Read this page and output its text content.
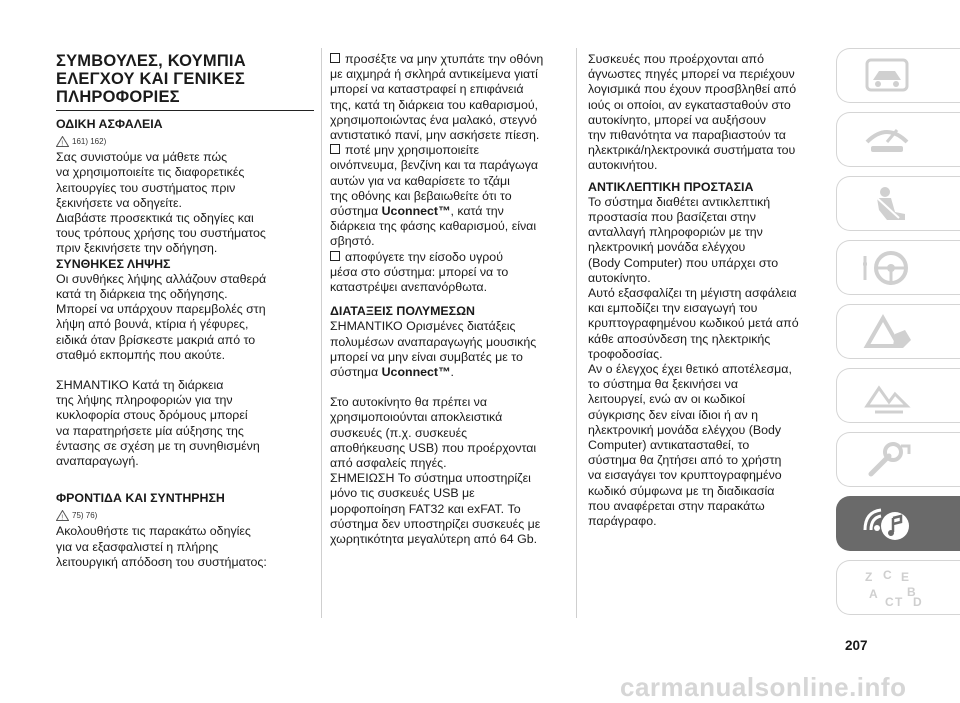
ΣΥΜΒΟΥΛΕΣ, ΚΟΥΜΠΙΑ
ΕΛΕΓΧΟΥ ΚΑΙ ΓΕΝΙΚΕΣ
ΠΛΗΡΟΦΟΡΙΕΣ
ΟΔΙΚΗ ΑΣΦΑΛΕΙΑ
! 161) 162)

Σας συνιστούμε να μάθετε πώς

να χρησιμοποιείτε τις διαφορετικές

λειτουργίες του συστήματος πριν

ξεκινήσετε να οδηγείτε.

Διαβάστε προσεκτικά τις οδηγίες και

τους τρόπους χρήσης του συστήματος

πριν ξεκινήσετε την οδήγηση.

ΣΥΝΘΗΚΕΣ ΛΗΨΗΣ

Οι συνθήκες λήψης αλλάζουν σταθερά

κατά τη διάρκεια της οδήγησης.

Μπορεί να υπάρχουν παρεμβολές στη

λήψη από βουνά, κτίρια ή γέφυρες,

ειδικά όταν βρίσκεστε μακριά από το

σταθμό εκπομπής που ακούτε.

ΣΗΜΑΝΤΙΚΟ Κατά τη διάρκεια

της λήψης πληροφοριών για την

κυκλοφορία στους δρόμους μπορεί

να παρατηρήσετε μία αύξησης της

έντασης σε σχέση με τη συνηθισμένη

αναπαραγωγή.

ΦΡΟΝΤΙΔΑ ΚΑΙ ΣΥΝΤΗΡΗΣΗ
! 75) 76)

Ακολουθήστε τις παρακάτω οδηγίες

για να εξασφαλιστεί η πλήρης

λειτουργική απόδοση του συστήματος:

προσέξτε να μην χτυπάτε την οθόνη

με αιχμηρά ή σκληρά αντικείμενα γιατί

μπορεί να καταστραφεί η επιφάνειά

της, κατά τη διάρκεια του καθαρισμού,

χρησιμοποιώντας ένα μαλακό, στεγνό

αντιστατικό πανί, μην ασκήσετε πίεση.

ποτέ μην χρησιμοποιείτε

οινόπνευμα, βενζίνη και τα παράγωγα

αυτών για να καθαρίσετε το τζάμι

της οθόνης και βεβαιωθείτε ότι το

σύστημα Uconnect™, κατά την

διάρκεια της φάσης καθαρισμού, είναι

σβηστό.

αποφύγετε την είσοδο υγρού

μέσα στο σύστημα: μπορεί να το

καταστρέψει ανεπανόρθωτα.

ΔΙΑΤΑΞΕΙΣ ΠΟΛΥΜΕΣΩΝ

ΣΗΜΑΝΤΙΚΟ Ορισμένες διατάξεις

πολυμέσων αναπαραγωγής μουσικής

μπορεί να μην είναι συμβατές με το

σύστημα Uconnect™.

Στο αυτοκίνητο θα πρέπει να

χρησιμοποιούνται αποκλειστικά

συσκευές (π.χ. συσκευές

αποθήκευσης USB) που προέρχονται

από ασφαλείς πηγές.

ΣΗΜΕΙΩΣΗ Το σύστημα υποστηρίζει

μόνο τις συσκευές USB με

μορφοποίηση FAT32 και exFAT. Το

σύστημα δεν υποστηρίζει συσκευές με

χωρητικότητα μεγαλύτερη από 64 Gb.

Συσκευές που προέρχονται από

άγνωστες πηγές μπορεί να περιέχουν

λογισμικά που έχουν προσβληθεί από

ιούς οι οποίοι, αν εγκατασταθούν στο

αυτοκίνητο, μπορεί να αυξήσουν

την πιθανότητα να παραβιαστούν τα

ηλεκτρικά/ηλεκτρονικά συστήματα του

αυτοκινήτου.

ΑΝΤΙΚΛΕΠΤΙΚΗ ΠΡΟΣΤΑΣΙΑ

Το σύστημα διαθέτει αντικλεπτική

προστασία που βασίζεται στην

ανταλλαγή πληροφοριών με την

ηλεκτρονική μονάδα ελέγχου

(Body Computer) που υπάρχει στο

αυτοκίνητο.

Αυτό εξασφαλίζει τη μέγιστη ασφάλεια

και εμποδίζει την εισαγωγή του

κρυπτογραφημένου κωδικού μετά από

κάθε αποσύνδεση της ηλεκτρικής

τροφοδοσίας.

Αν ο έλεγχος έχει θετικό αποτέλεσμα,

το σύστημα θα ξεκινήσει να

λειτουργεί, ενώ αν οι κωδικοί

σύγκρισης δεν είναι ίδιοι ή αν η

ηλεκτρονική μονάδα ελέγχου (Body

Computer) αντικατασταθεί, το

σύστημα θα ζητήσει από το χρήστη

να εισαγάγει τον κρυπτογραφημένο

κωδικό σύμφωνα με τη διαδικασία

που αναφέρεται στην παρακάτω

παράγραφο.

Z C E
A B
D
C T
207
carmanualsonline.info
